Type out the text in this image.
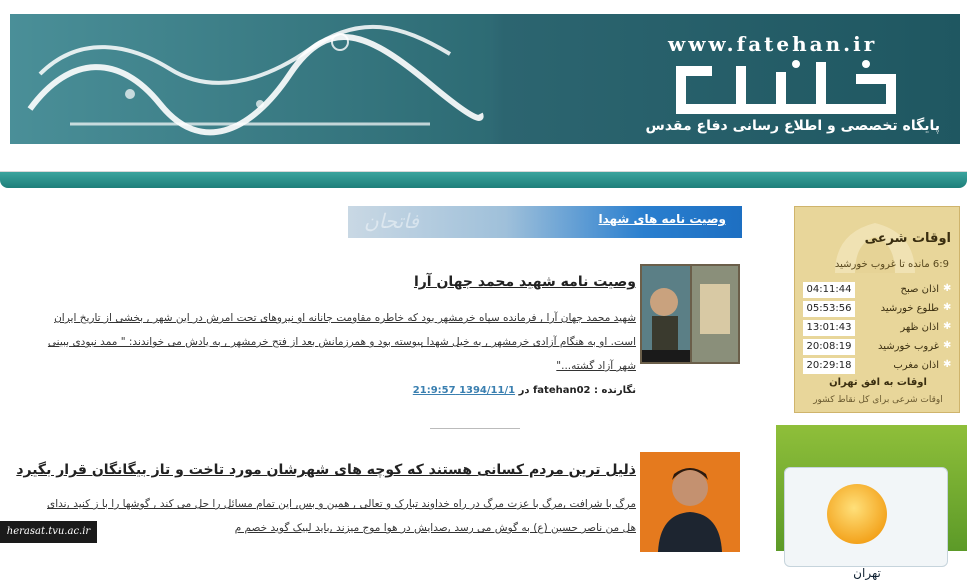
www.fatehan.ir
پایگاه تخصصی و اطلاع رسانی دفاع مقدس
فاتحان	وصیت نامه های شهدا
وصیت نامه شهید محمد جهان آرا

شهید محمد جهان آرا , فرمانده سپاه خرمشهر بود که خاطره مقاومت جانانه او نیروهای تحت امرش در این شهر , بخشی از تاریخ ایران است. او به هنگام آزادی خرمشهر , به خیل شهدا پیوسته بود و همرزمانش بعد از فتح خرمشهر , به یادش می خواندند: " ممد نبودی ببینی شهر آزاد گشته..."

نگارنده : fatehan02 در 1394/11/1 21:9:57
ذلیل ترین مردم کسانی هستند که کوچه های شهرشان مورد تاخت و تاز بیگانگان قرار بگیرد

مرگ با شرافت ,مرگ با عزت مرگ در راه خداوند تبارک و تعالی , همین و بس, این تمام مسائل را حل می کند , گوشها را با ز کنید ,ندای هل من ناصر حسین (ع) به گوش می رسد ,صدایش در هوا موج میزند ,باید لبیک گوید خصم م

اوقات شرعی
6:9 مانده تا غروب خورشید
04:11:44	اذان صبح ✱
05:53:56	طلوع خورشید ✱
13:01:43	اذان ظهر ✱
20:08:19	غروب خورشید ✱
20:29:18	اذان مغرب ✱
اوقات به افق تهران
اوقات شرعی برای کل نقاط کشور
تهران
herasat.tvu.ac.ir
